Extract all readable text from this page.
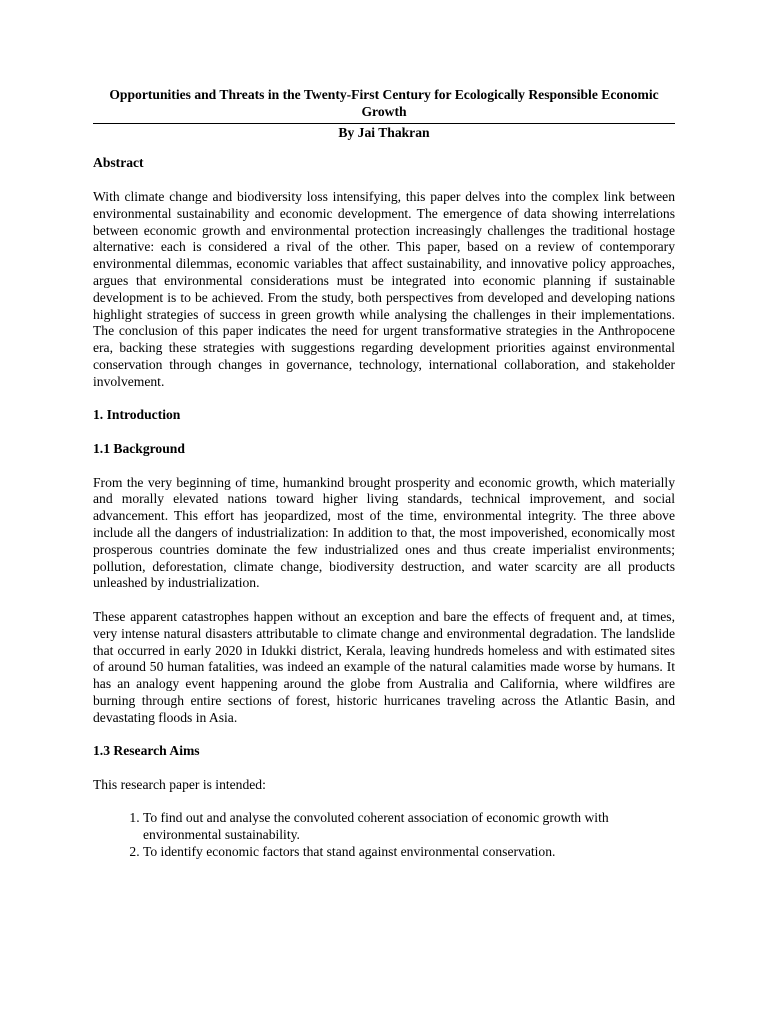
Opportunities and Threats in the Twenty-First Century for Ecologically Responsible Economic Growth
By Jai Thakran
Abstract

With climate change and biodiversity loss intensifying, this paper delves into the complex link between environmental sustainability and economic development. The emergence of data showing interrelations between economic growth and environmental protection increasingly challenges the traditional hostage alternative: each is considered a rival of the other. This paper, based on a review of contemporary environmental dilemmas, economic variables that affect sustainability, and innovative policy approaches, argues that environmental considerations must be integrated into economic planning if sustainable development is to be achieved. From the study, both perspectives from developed and developing nations highlight strategies of success in green growth while analysing the challenges in their implementations. The conclusion of this paper indicates the need for urgent transformative strategies in the Anthropocene era, backing these strategies with suggestions regarding development priorities against environmental conservation through changes in governance, technology, international collaboration, and stakeholder involvement.

1. Introduction
1.1 Background

From the very beginning of time, humankind brought prosperity and economic growth, which materially and morally elevated nations toward higher living standards, technical improvement, and social advancement. This effort has jeopardized, most of the time, environmental integrity. The three above include all the dangers of industrialization: In addition to that, the most impoverished, economically most prosperous countries dominate the few industrialized ones and thus create imperialist environments; pollution, deforestation, climate change, biodiversity destruction, and water scarcity are all products unleashed by industrialization.

These apparent catastrophes happen without an exception and bare the effects of frequent and, at times, very intense natural disasters attributable to climate change and environmental degradation. The landslide that occurred in early 2020 in Idukki district, Kerala, leaving hundreds homeless and with estimated sites of around 50 human fatalities, was indeed an example of the natural calamities made worse by humans. It has an analogy event happening around the globe from Australia and California, where wildfires are burning through entire sections of forest, historic hurricanes traveling across the Atlantic Basin, and devastating floods in Asia.

1.3 Research Aims

This research paper is intended:

1. To find out and analyse the convoluted coherent association of economic growth with environmental sustainability.
2. To identify economic factors that stand against environmental conservation.
